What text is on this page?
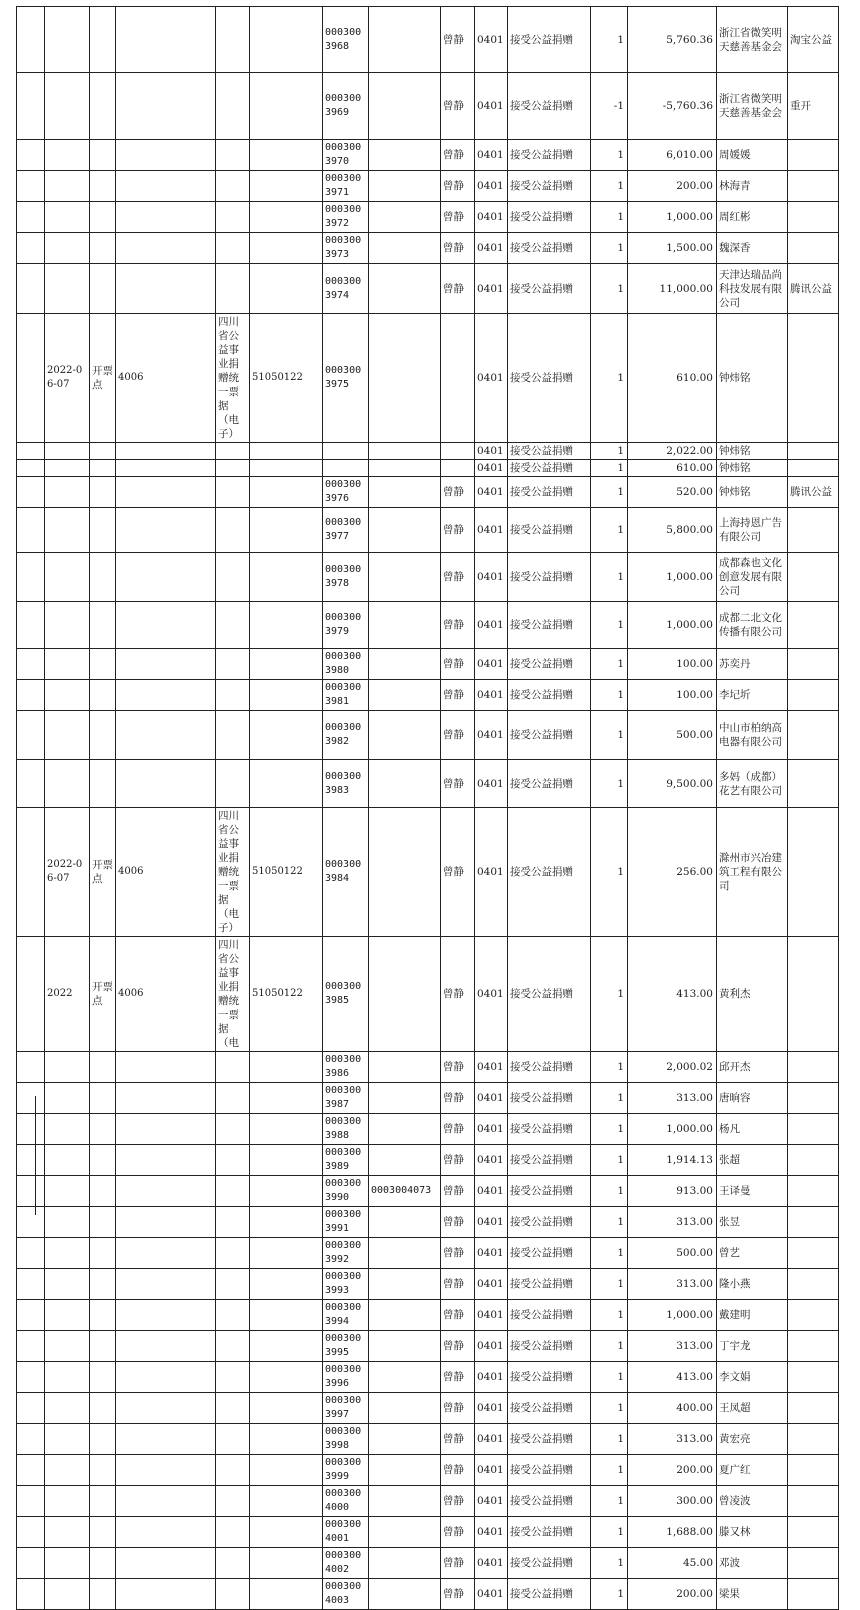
						0003003968		曾静	0401	接受公益捐赠	1	5,760.36	浙江省微笑明天慈善基金会	淘宝公益
						0003003969		曾静	0401	接受公益捐赠	-1	-5,760.36	浙江省微笑明天慈善基金会	重开
						0003003970		曾静	0401	接受公益捐赠	1	6,010.00	周媛媛	
						0003003971		曾静	0401	接受公益捐赠	1	200.00	林海青	
						0003003972		曾静	0401	接受公益捐赠	1	1,000.00	周红彬	
						0003003973		曾静	0401	接受公益捐赠	1	1,500.00	魏深香	
						0003003974		曾静	0401	接受公益捐赠	1	11,000.00	天津达瑞品尚科技发展有限公司	腾讯公益
	2022-06-07	开票点	4006	四川省公益事业捐赠统一票据（电子）	51050122	0003003975			0401	接受公益捐赠	1	610.00	钟炜铭	
									0401	接受公益捐赠	1	2,022.00	钟炜铭	
									0401	接受公益捐赠	1	610.00	钟炜铭	
						0003003976		曾静	0401	接受公益捐赠	1	520.00	钟炜铭	腾讯公益
						0003003977		曾静	0401	接受公益捐赠	1	5,800.00	上海持恩广告有限公司	
						0003003978		曾静	0401	接受公益捐赠	1	1,000.00	成都森也文化创意发展有限公司	
						0003003979		曾静	0401	接受公益捐赠	1	1,000.00	成都二北文化传播有限公司	
						0003003980		曾静	0401	接受公益捐赠	1	100.00	苏奕丹	
						0003003981		曾静	0401	接受公益捐赠	1	100.00	李圮圻	
						0003003982		曾静	0401	接受公益捐赠	1	500.00	中山市柏纳高电器有限公司	
						0003003983		曾静	0401	接受公益捐赠	1	9,500.00	多妈（成都）花艺有限公司	
	2022-06-07	开票点	4006	四川省公益事业捐赠统一票据（电子）	51050122	0003003984		曾静	0401	接受公益捐赠	1	256.00	滁州市兴冶建筑工程有限公司	
	2022	开票点	4006	四川省公益事业捐赠统一票据（电	51050122	0003003985		曾静	0401	接受公益捐赠	1	413.00	黄利杰	
						0003003986		曾静	0401	接受公益捐赠	1	2,000.02	邱开杰	
						0003003987		曾静	0401	接受公益捐赠	1	313.00	唐晌容	
						0003003988		曾静	0401	接受公益捐赠	1	1,000.00	杨凡	
						0003003989		曾静	0401	接受公益捐赠	1	1,914.13	张超	
						0003003990	0003004073	曾静	0401	接受公益捐赠	1	913.00	王译曼	
						0003003991		曾静	0401	接受公益捐赠	1	313.00	张昱	
						0003003992		曾静	0401	接受公益捐赠	1	500.00	曾艺	
						0003003993		曾静	0401	接受公益捐赠	1	313.00	隆小燕	
						0003003994		曾静	0401	接受公益捐赠	1	1,000.00	戴建明	
						0003003995		曾静	0401	接受公益捐赠	1	313.00	丁宇龙	
						0003003996		曾静	0401	接受公益捐赠	1	413.00	李文娟	
						0003003997		曾静	0401	接受公益捐赠	1	400.00	王凤超	
						0003003998		曾静	0401	接受公益捐赠	1	313.00	黄宏亮	
						0003003999		曾静	0401	接受公益捐赠	1	200.00	夏广红	
						0003004000		曾静	0401	接受公益捐赠	1	300.00	曾凌波	
						0003004001		曾静	0401	接受公益捐赠	1	1,688.00	滕又林	
						0003004002		曾静	0401	接受公益捐赠	1	45.00	邓波	
						0003004003		曾静	0401	接受公益捐赠	1	200.00	梁果	
